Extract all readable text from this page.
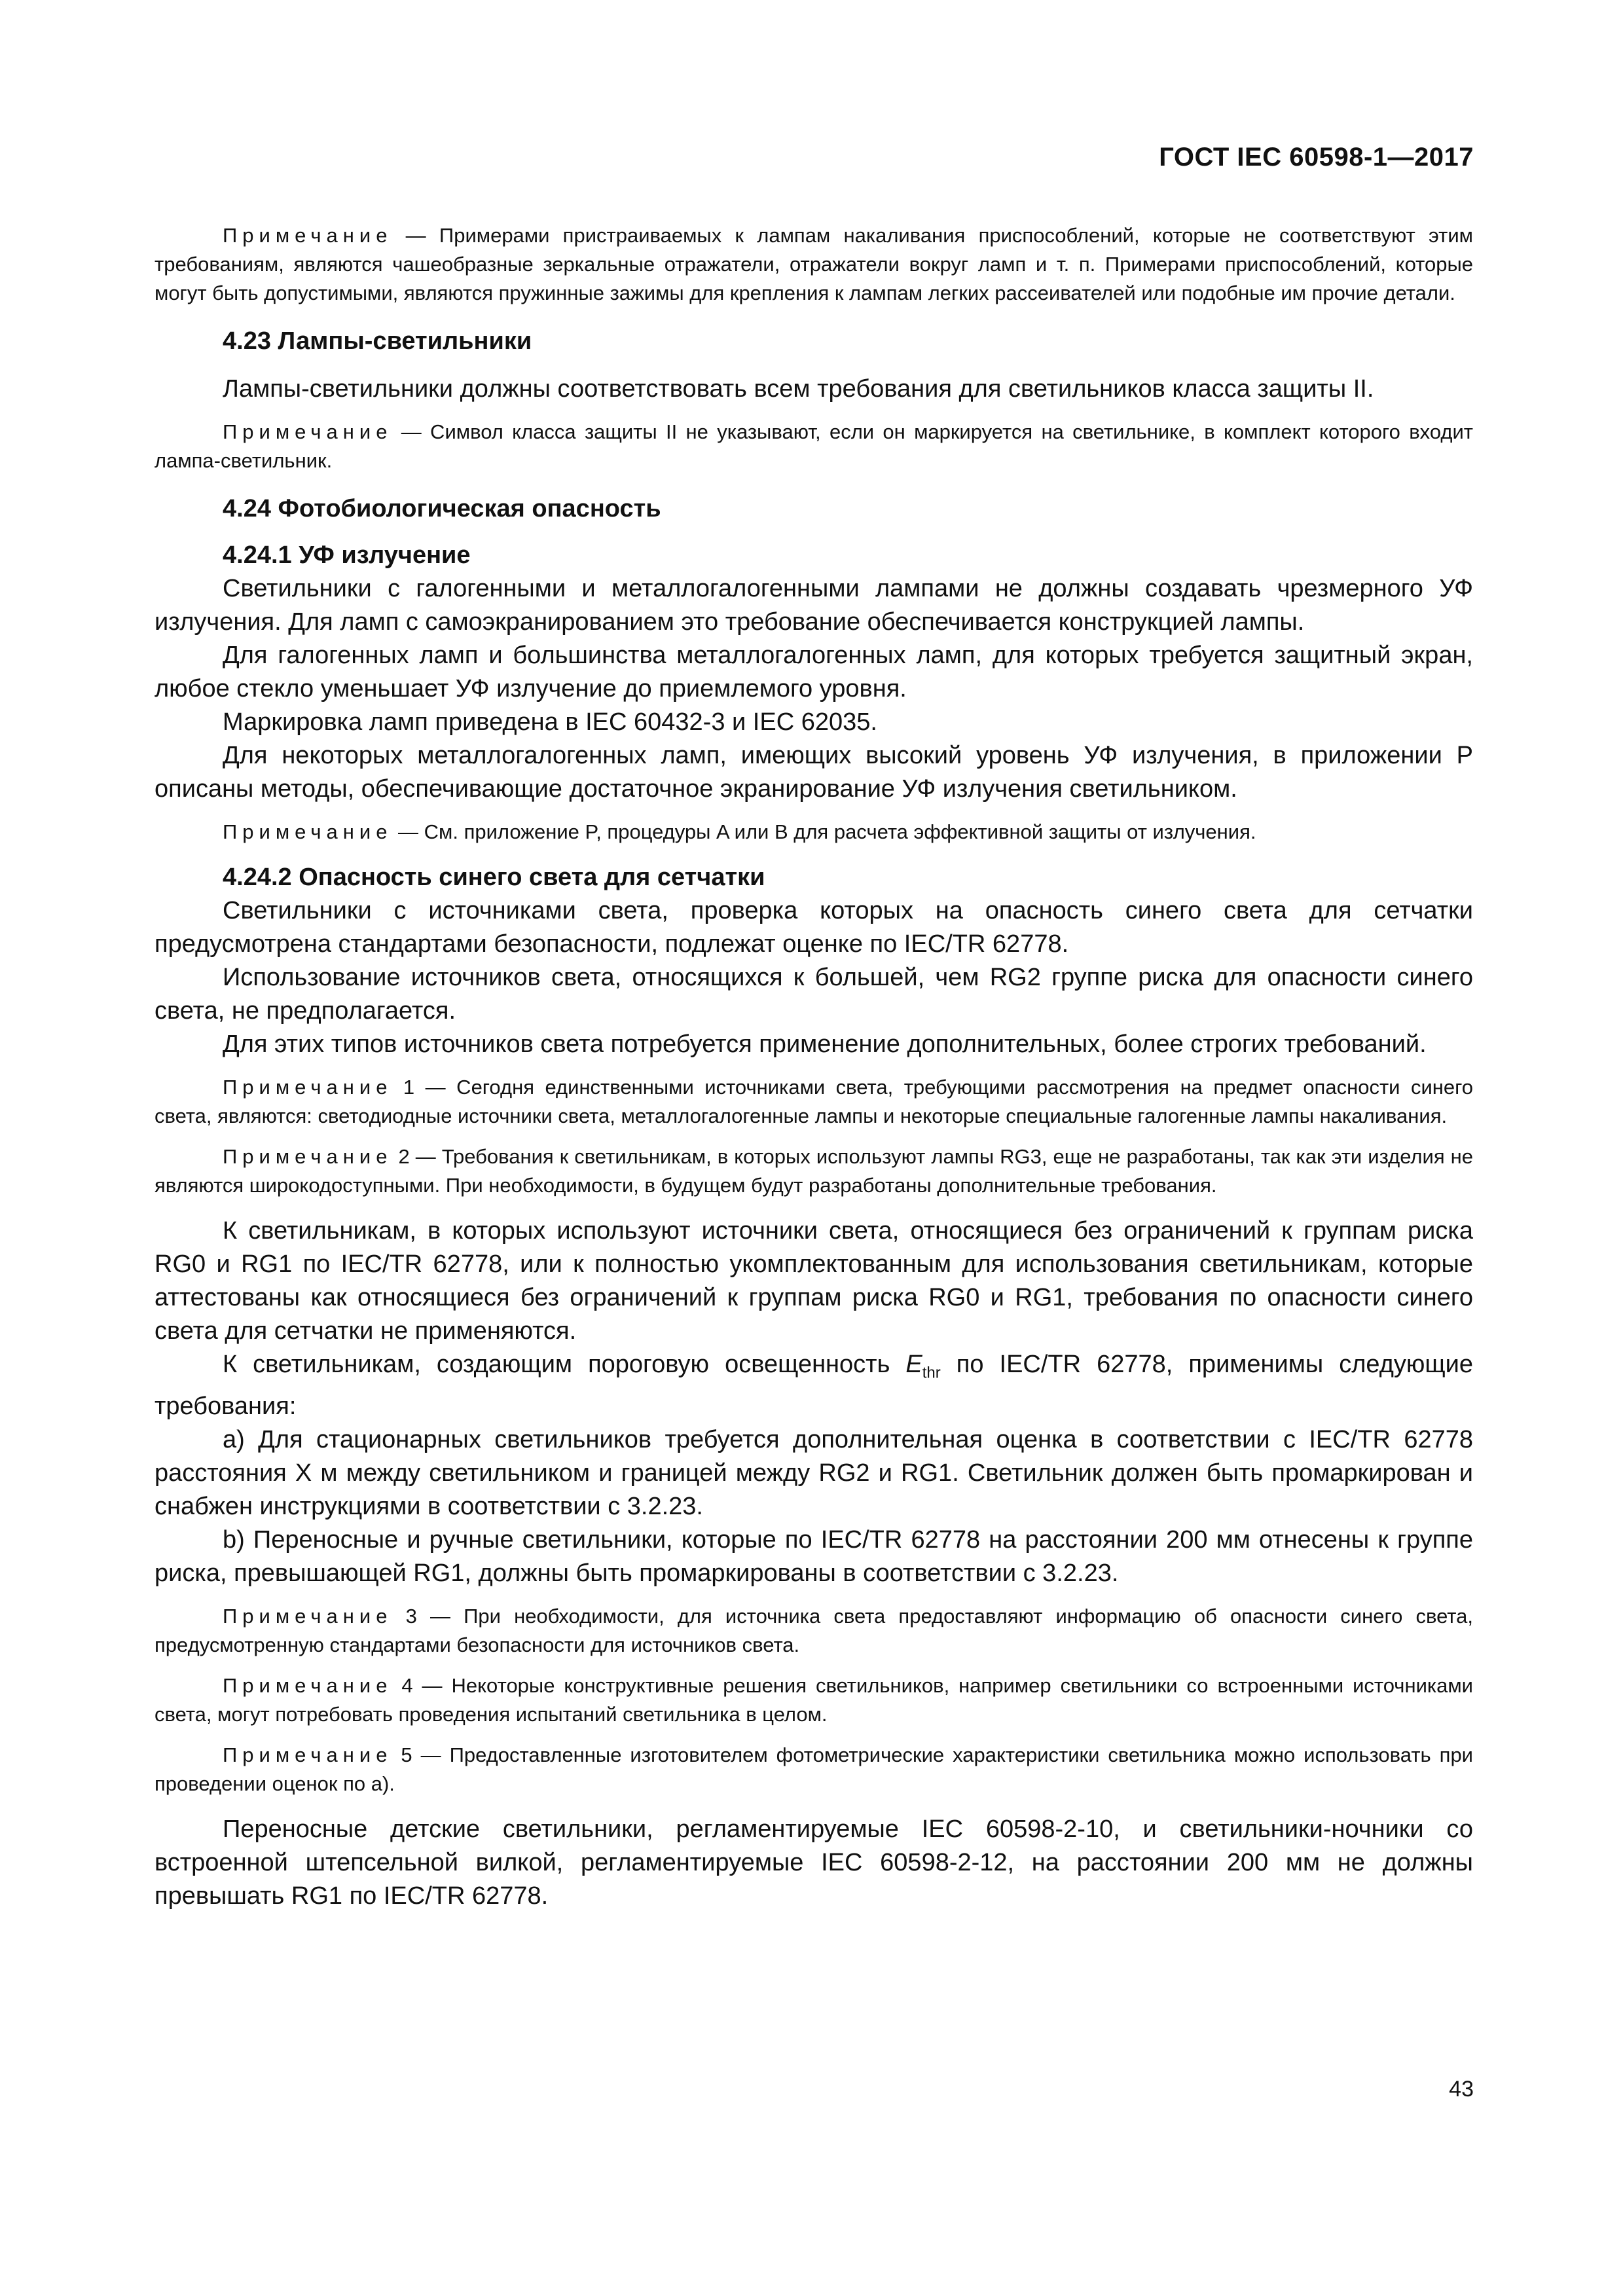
ГОСТ IEC 60598-1—2017

Примечание — Примерами пристраиваемых к лампам накаливания приспособлений, которые не соответствуют этим требованиям, являются чашеобразные зеркальные отражатели, отражатели вокруг ламп и т. п. Примерами приспособлений, которые могут быть допустимыми, являются пружинные зажимы для крепления к лампам легких рассеивателей или подобные им прочие детали.

4.23 Лампы-светильники

Лампы-светильники должны соответствовать всем требования для светильников класса защиты II.

Примечание — Символ класса защиты II не указывают, если он маркируется на светильнике, в комплект которого входит лампа-светильник.

4.24 Фотобиологическая опасность

4.24.1 УФ излучение

Светильники с галогенными и металлогалогенными лампами не должны создавать чрезмерного УФ излучения. Для ламп с самоэкранированием это требование обеспечивается конструкцией лампы.

Для галогенных ламп и большинства металлогалогенных ламп, для которых требуется защитный экран, любое стекло уменьшает УФ излучение до приемлемого уровня.

Маркировка ламп приведена в IEC 60432-3 и IEC 62035.

Для некоторых металлогалогенных ламп, имеющих высокий уровень УФ излучения, в приложении P описаны методы, обеспечивающие достаточное экранирование УФ излучения светильником.

Примечание — См. приложение P, процедуры A или B для расчета эффективной защиты от излучения.

4.24.2 Опасность синего света для сетчатки

Светильники с источниками света, проверка которых на опасность синего света для сетчатки предусмотрена стандартами безопасности, подлежат оценке по IEC/TR 62778.

Использование источников света, относящихся к большей, чем RG2 группе риска для опасности синего света, не предполагается.

Для этих типов источников света потребуется применение дополнительных, более строгих требований.

Примечание 1 — Сегодня единственными источниками света, требующими рассмотрения на предмет опасности синего света, являются: светодиодные источники света, металлогалогенные лампы и некоторые специальные галогенные лампы накаливания.

Примечание 2 — Требования к светильникам, в которых используют лампы RG3, еще не разработаны, так как эти изделия не являются широкодоступными. При необходимости, в будущем будут разработаны дополнительные требования.

К светильникам, в которых используют источники света, относящиеся без ограничений к группам риска RG0 и RG1 по IEC/TR 62778, или к полностью укомплектованным для использования светильникам, которые аттестованы как относящиеся без ограничений к группам риска RG0 и RG1, требования по опасности синего света для сетчатки не применяются.

К светильникам, создающим пороговую освещенность $E_{thr}$ по IEC/TR 62778, применимы следующие требования:

a) Для стационарных светильников требуется дополнительная оценка в соответствии с IEC/TR 62778 расстояния X м между светильником и границей между RG2 и RG1. Светильник должен быть промаркирован и снабжен инструкциями в соответствии с 3.2.23.

b) Переносные и ручные светильники, которые по IEC/TR 62778 на расстоянии 200 мм отнесены к группе риска, превышающей RG1, должны быть промаркированы в соответствии с 3.2.23.

Примечание 3 — При необходимости, для источника света предоставляют информацию об опасности синего света, предусмотренную стандартами безопасности для источников света.

Примечание 4 — Некоторые конструктивные решения светильников, например светильники со встроенными источниками света, могут потребовать проведения испытаний светильника в целом.

Примечание 5 — Предоставленные изготовителем фотометрические характеристики светильника можно использовать при проведении оценок по a).

Переносные детские светильники, регламентируемые IEC 60598-2-10, и светильники-ночники со встроенной штепсельной вилкой, регламентируемые IEC 60598-2-12, на расстоянии 200 мм не должны превышать RG1 по IEC/TR 62778.

43
